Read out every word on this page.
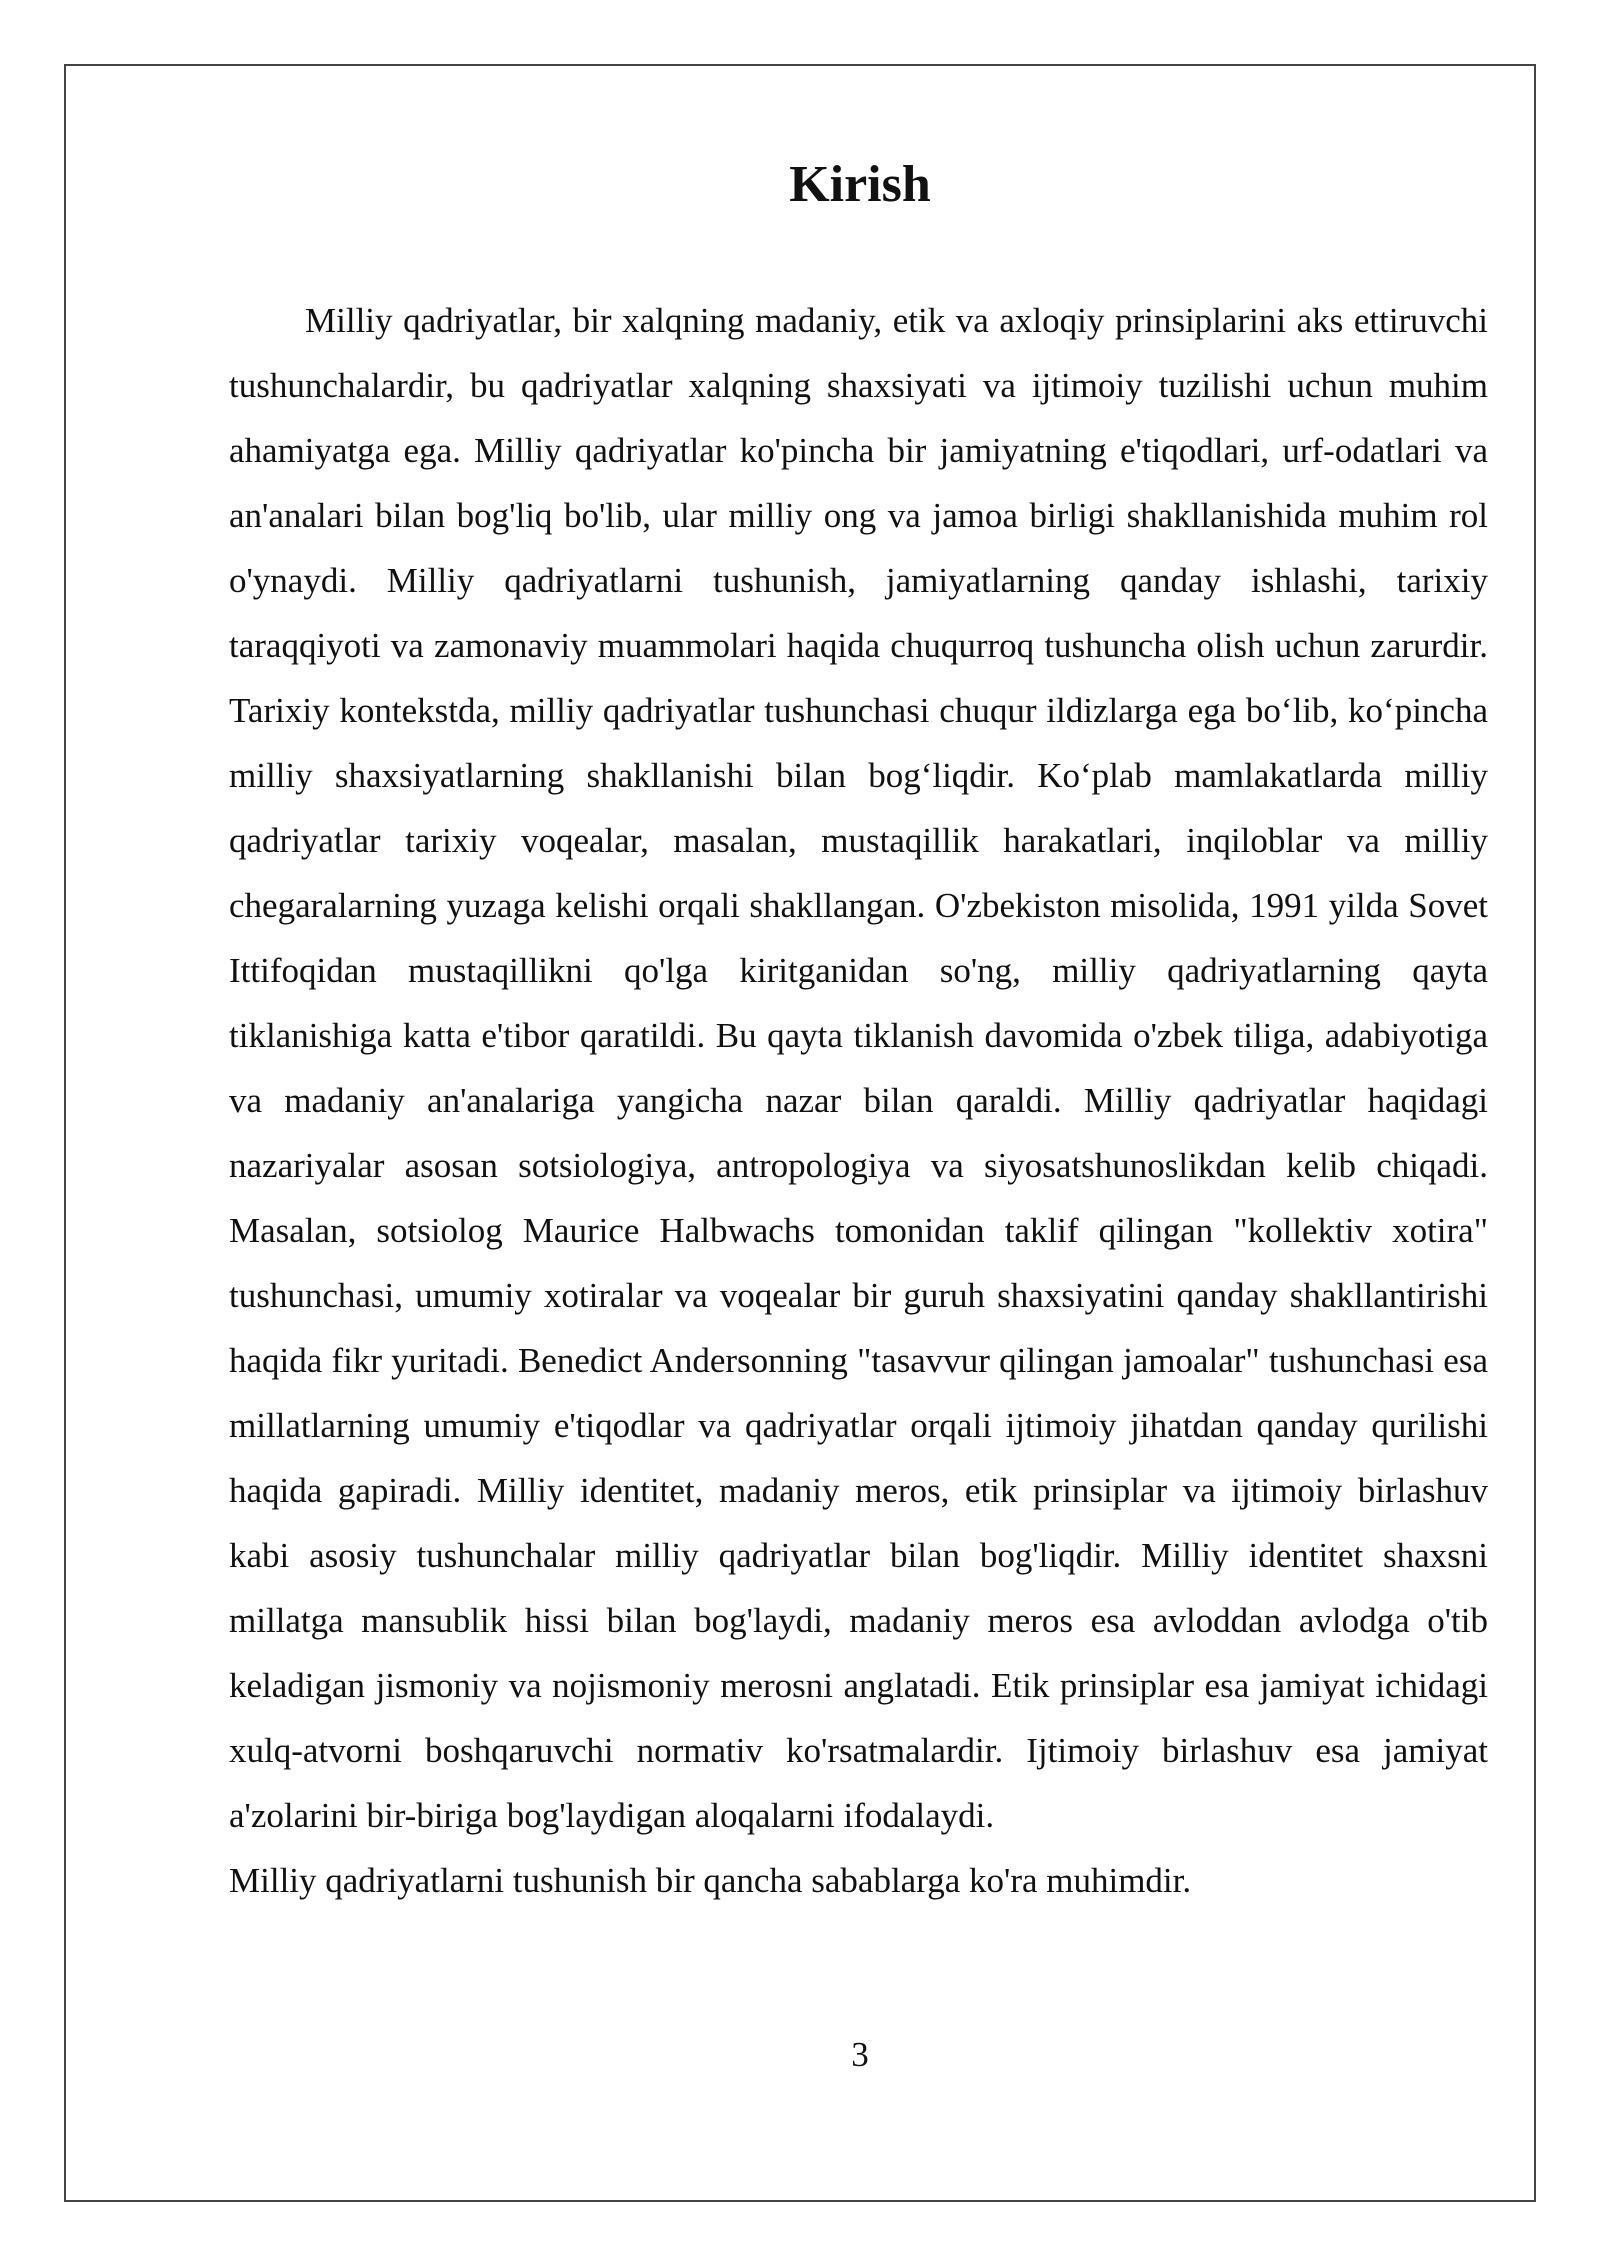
Kirish

Milliy qadriyatlar, bir xalqning madaniy, etik va axloqiy prinsiplarini aks ettiruvchi tushunchalardir, bu qadriyatlar xalqning shaxsiyati va ijtimoiy tuzilishi uchun muhim ahamiyatga ega. Milliy qadriyatlar ko'pincha bir jamiyatning e'tiqodlari, urf-odatlari va an'analari bilan bog'liq bo'lib, ular milliy ong va jamoa birligi shakllanishida muhim rol o'ynaydi. Milliy qadriyatlarni tushunish, jamiyatlarning qanday ishlashi, tarixiy taraqqiyoti va zamonaviy muammolari haqida chuqurroq tushuncha olish uchun zarurdir. Tarixiy kontekstda, milliy qadriyatlar tushunchasi chuqur ildizlarga ega boʻlib, koʻpincha milliy shaxsiyatlarning shakllanishi bilan bogʻliqdir. Koʻplab mamlakatlarda milliy qadriyatlar tarixiy voqealar, masalan, mustaqillik harakatlari, inqiloblar va milliy chegaralarning yuzaga kelishi orqali shakllangan. O'zbekiston misolida, 1991 yilda Sovet Ittifoqidan mustaqillikni qo'lga kiritganidan so'ng, milliy qadriyatlarning qayta tiklanishiga katta e'tibor qaratildi. Bu qayta tiklanish davomida o'zbek tiliga, adabiyotiga va madaniy an'analariga yangicha nazar bilan qaraldi. Milliy qadriyatlar haqidagi nazariyalar asosan sotsiologiya, antropologiya va siyosatshunoslikdan kelib chiqadi. Masalan, sotsiolog Maurice Halbwachs tomonidan taklif qilingan "kollektiv xotira" tushunchasi, umumiy xotiralar va voqealar bir guruh shaxsiyatini qanday shakllantirishi haqida fikr yuritadi. Benedict Andersonning "tasavvur qilingan jamoalar" tushunchasi esa millatlarning umumiy e'tiqodlar va qadriyatlar orqali ijtimoiy jihatdan qanday qurilishi haqida gapiradi. Milliy identitet, madaniy meros, etik prinsiplar va ijtimoiy birlashuv kabi asosiy tushunchalar milliy qadriyatlar bilan bog'liqdir. Milliy identitet shaxsni millatga mansublik hissi bilan bog'laydi, madaniy meros esa avloddan avlodga o'tib keladigan jismoniy va nojismoniy merosni anglatadi. Etik prinsiplar esa jamiyat ichidagi xulq-atvorni boshqaruvchi normativ ko'rsatmalardir. Ijtimoiy birlashuv esa jamiyat a'zolarini bir-biriga bog'laydigan aloqalarni ifodalaydi.

Milliy qadriyatlarni tushunish bir qancha sabablarga ko'ra muhimdir.

3
